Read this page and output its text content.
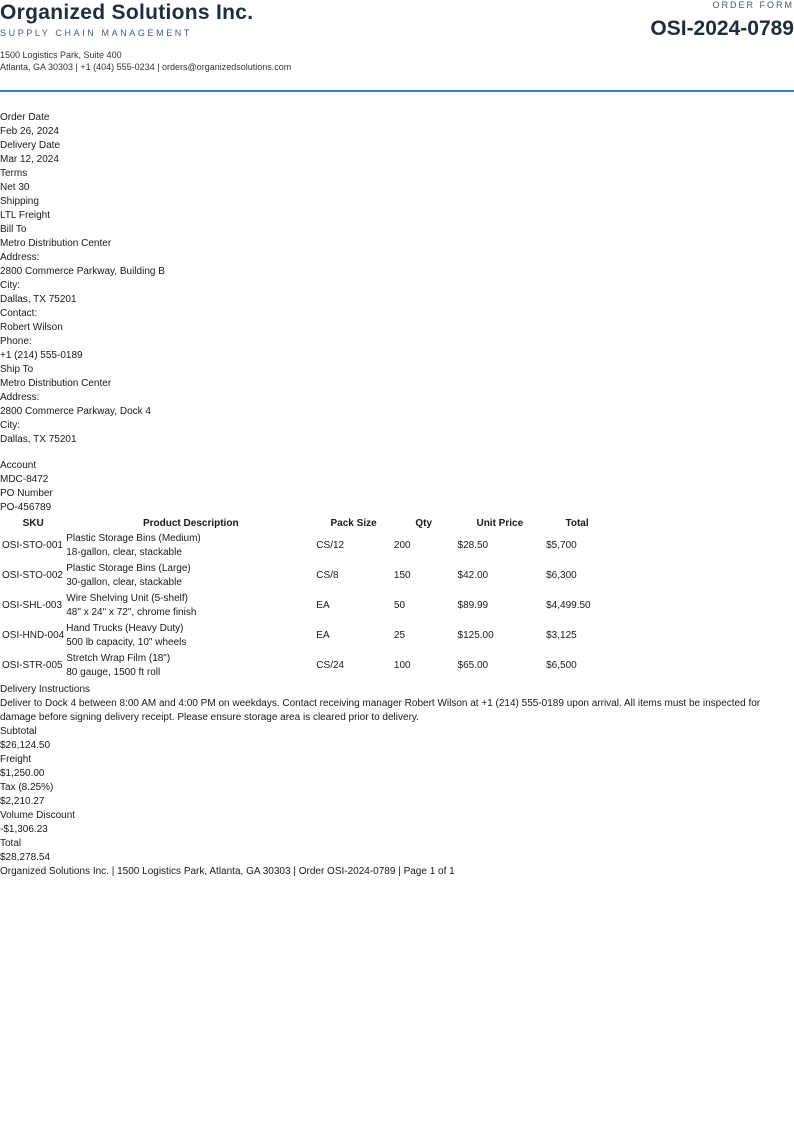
Organized Solutions Inc.
SUPPLY CHAIN MANAGEMENT
1500 Logistics Park, Suite 400
Atlanta, GA 30303 | +1 (404) 555-0234 | orders@organizedsolutions.com
ORDER FORM
OSI-2024-0789
Order Date
Feb 26, 2024
Delivery Date
Mar 12, 2024
Terms
Net 30
Shipping
LTL Freight
Bill To
Metro Distribution Center
Address:
2800 Commerce Parkway, Building B
City:
Dallas, TX 75201
Contact:
Robert Wilson
Phone:
+1 (214) 555-0189
Ship To
Metro Distribution Center
Address:
2800 Commerce Parkway, Dock 4
City:
Dallas, TX 75201
Account
MDC-8472
PO Number
PO-456789
SKU	Product Description	Pack Size	Qty	Unit Price	Total
OSI-STO-001	Plastic Storage Bins (Medium)
18-gallon, clear, stackable	CS/12	200	$28.50	$5,700
OSI-STO-002	Plastic Storage Bins (Large)
30-gallon, clear, stackable	CS/8	150	$42.00	$6,300
OSI-SHL-003	Wire Shelving Unit (5-shelf)
48" x 24" x 72", chrome finish	EA	50	$89.99	$4,499.50
OSI-HND-004	Hand Trucks (Heavy Duty)
500 lb capacity, 10" wheels	EA	25	$125.00	$3,125
OSI-STR-005	Stretch Wrap Film (18")
80 gauge, 1500 ft roll	CS/24	100	$65.00	$6,500
Delivery Instructions
Deliver to Dock 4 between 8:00 AM and 4:00 PM on weekdays. Contact receiving manager Robert Wilson at +1 (214) 555-0189 upon arrival. All items must be inspected for damage before signing delivery receipt. Please ensure storage area is cleared prior to delivery.
Subtotal
$26,124.50
Freight
$1,250.00
Tax (8.25%)
$2,210.27
Volume Discount
-$1,306.23
Total
$28,278.54
Organized Solutions Inc. | 1500 Logistics Park, Atlanta, GA 30303 | Order OSI-2024-0789 | Page 1 of 1
